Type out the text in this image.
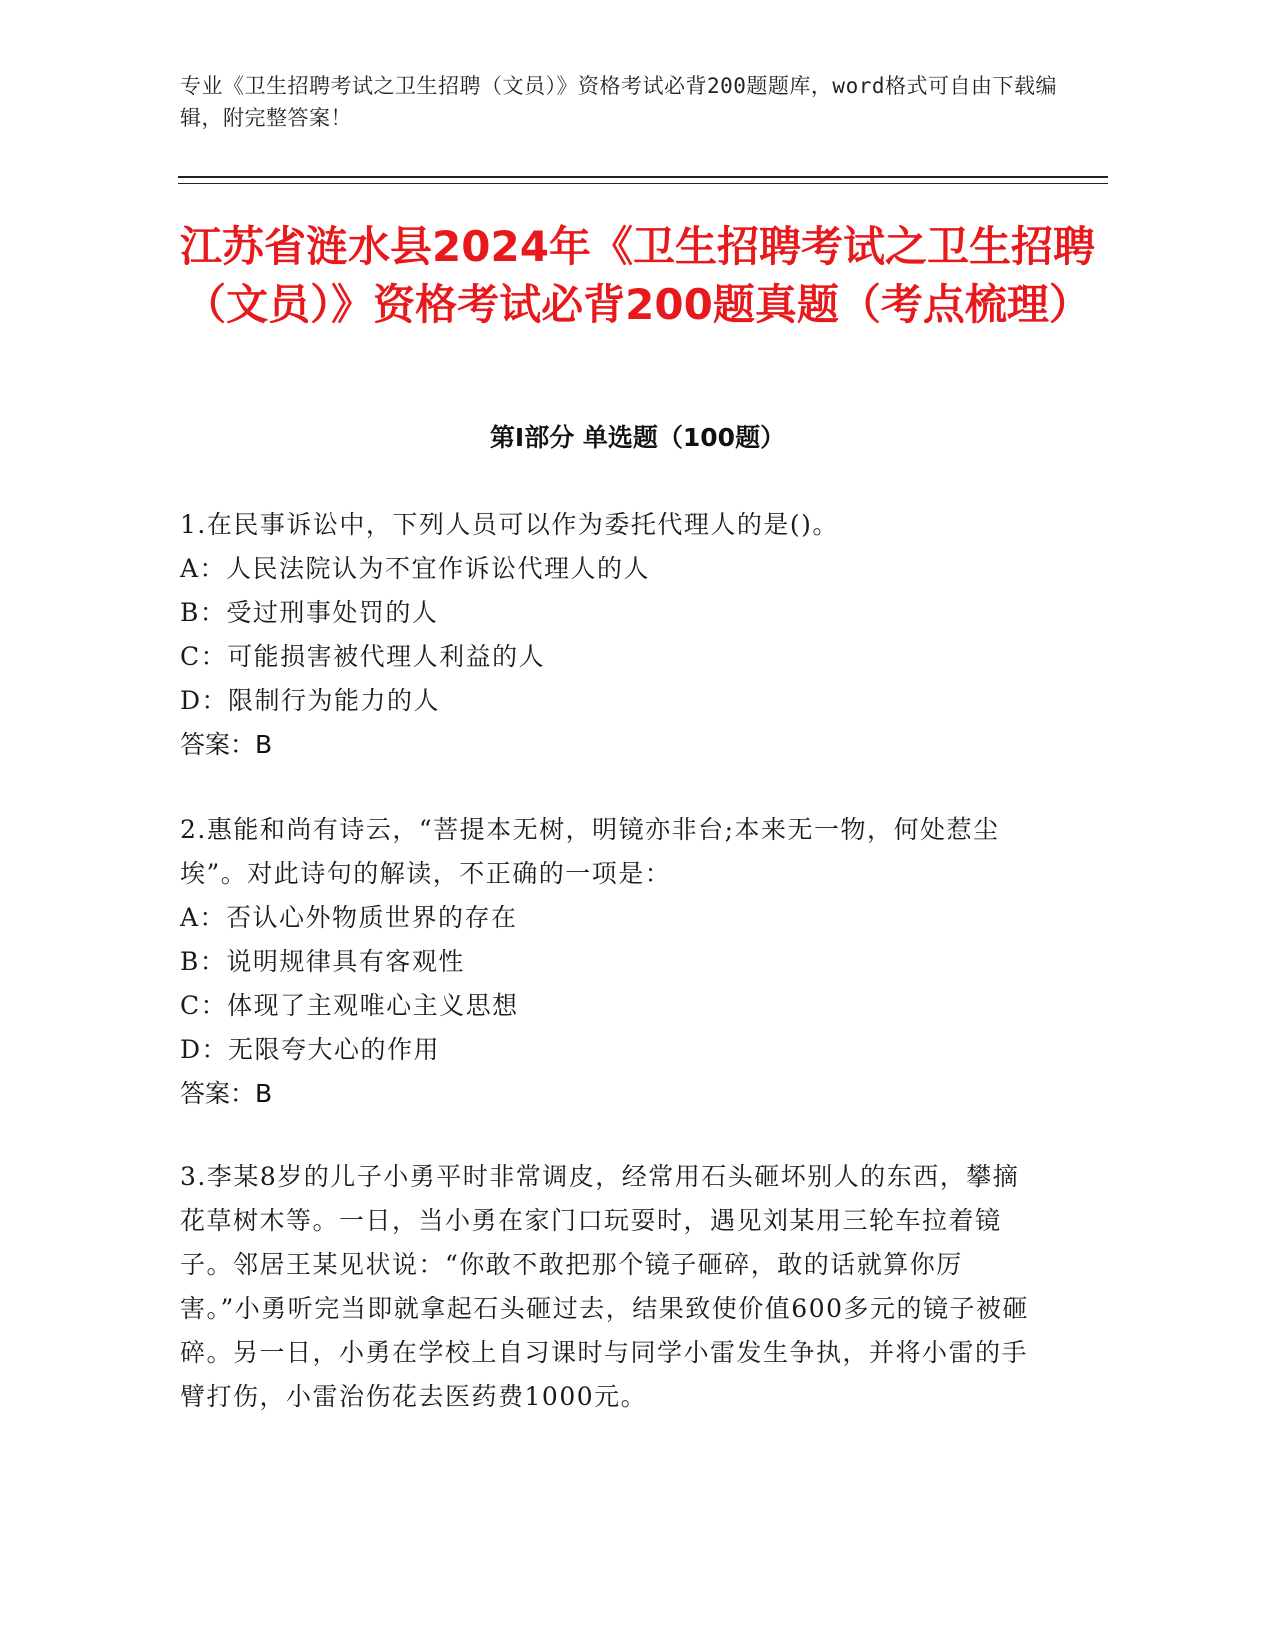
专业《卫生招聘考试之卫生招聘（文员）》资格考试必背200题题库，word格式可自由下载编辑，附完整答案！
江苏省涟水县2024年《卫生招聘考试之卫生招聘（文员）》资格考试必背200题真题（考点梳理）
第Ⅰ部分 单选题（100题）
1.在民事诉讼中，下列人员可以作为委托代理人的是()。
A：人民法院认为不宜作诉讼代理人的人
B：受过刑事处罚的人
C：可能损害被代理人利益的人
D：限制行为能力的人
答案：B
2.惠能和尚有诗云，“菩提本无树，明镜亦非台;本来无一物，何处惹尘埃”。对此诗句的解读，不正确的一项是：
A：否认心外物质世界的存在
B：说明规律具有客观性
C：体现了主观唯心主义思想
D：无限夸大心的作用
答案：B
3.李某8岁的儿子小勇平时非常调皮，经常用石头砸坏别人的东西，攀摘花草树木等。一日，当小勇在家门口玩耍时，遇见刘某用三轮车拉着镜子。邻居王某见状说：“你敢不敢把那个镜子砸碎，敢的话就算你厉害。”小勇听完当即就拿起石头砸过去，结果致使价值600多元的镜子被砸碎。另一日，小勇在学校上自习课时与同学小雷发生争执，并将小雷的手臂打伤，小雷治伤花去医药费1000元。
